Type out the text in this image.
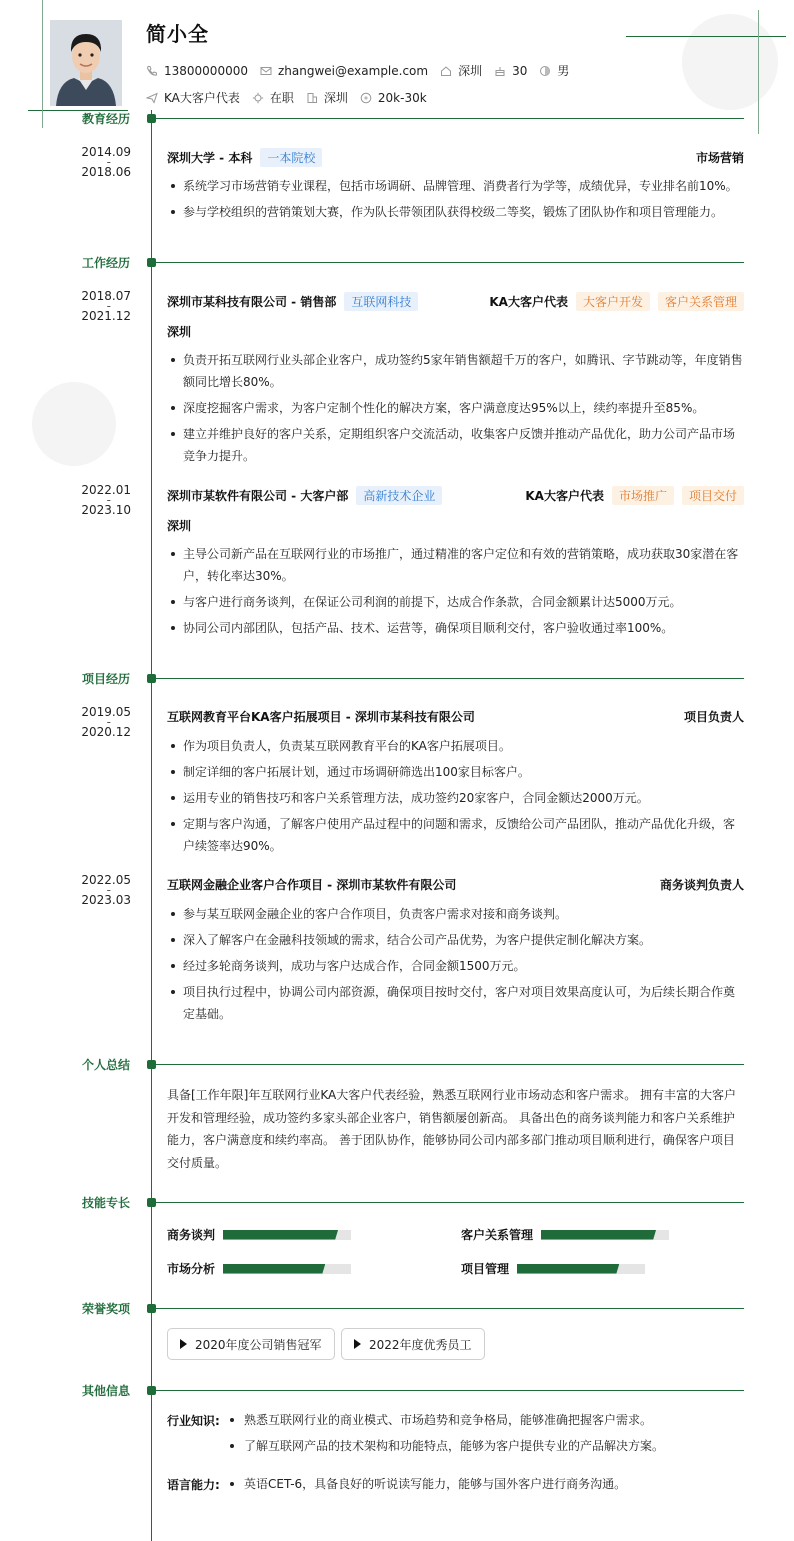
简小全
13800000000	zhangwei@example.com	深圳	30	男
KA大客户代表	在职	深圳	20k-30k
教育经历
2014.09
-
2018.06
深圳大学 - 本科	一本院校	市场营销
系统学习市场营销专业课程，包括市场调研、品牌管理、消费者行为学等，成绩优异，专业排名前10%。
参与学校组织的营销策划大赛，作为队长带领团队获得校级二等奖，锻炼了团队协作和项目管理能力。
工作经历
2018.07
-
2021.12
深圳市某科技有限公司 - 销售部	互联网科技	KA大客户代表	大客户开发	客户关系管理
深圳
负责开拓互联网行业头部企业客户，成功签约5家年销售额超千万的客户，如腾讯、字节跳动等，年度销售额同比增长80%。
深度挖掘客户需求，为客户定制个性化的解决方案，客户满意度达95%以上，续约率提升至85%。
建立并维护良好的客户关系，定期组织客户交流活动，收集客户反馈并推动产品优化，助力公司产品市场竞争力提升。
2022.01
-
2023.10
深圳市某软件有限公司 - 大客户部	高新技术企业	KA大客户代表	市场推广	项目交付
深圳
主导公司新产品在互联网行业的市场推广，通过精准的客户定位和有效的营销策略，成功获取30家潜在客户，转化率达30%。
与客户进行商务谈判，在保证公司利润的前提下，达成合作条款，合同金额累计达5000万元。
协同公司内部团队，包括产品、技术、运营等，确保项目顺利交付，客户验收通过率100%。
项目经历
2019.05
-
2020.12
互联网教育平台KA客户拓展项目 - 深圳市某科技有限公司	项目负责人
作为项目负责人，负责某互联网教育平台的KA客户拓展项目。
制定详细的客户拓展计划，通过市场调研筛选出100家目标客户。
运用专业的销售技巧和客户关系管理方法，成功签约20家客户，合同金额达2000万元。
定期与客户沟通，了解客户使用产品过程中的问题和需求，反馈给公司产品团队，推动产品优化升级，客户续签率达90%。
2022.05
-
2023.03
互联网金融企业客户合作项目 - 深圳市某软件有限公司	商务谈判负责人
参与某互联网金融企业的客户合作项目，负责客户需求对接和商务谈判。
深入了解客户在金融科技领域的需求，结合公司产品优势，为客户提供定制化解决方案。
经过多轮商务谈判，成功与客户达成合作，合同金额1500万元。
项目执行过程中，协调公司内部资源，确保项目按时交付，客户对项目效果高度认可，为后续长期合作奠定基础。
个人总结
具备[工作年限]年互联网行业KA大客户代表经验，熟悉互联网行业市场动态和客户需求。 拥有丰富的大客户开发和管理经验，成功签约多家头部企业客户，销售额屡创新高。 具备出色的商务谈判能力和客户关系维护能力，客户满意度和续约率高。 善于团队协作，能够协同公司内部多部门推动项目顺利进行，确保客户项目交付质量。
技能专长
商务谈判	客户关系管理
市场分析	项目管理
荣誉奖项
2020年度公司销售冠军	2022年度优秀员工
其他信息
行业知识:	熟悉互联网行业的商业模式、市场趋势和竞争格局，能够准确把握客户需求。
了解互联网产品的技术架构和功能特点，能够为客户提供专业的产品解决方案。
语言能力:	英语CET-6，具备良好的听说读写能力，能够与国外客户进行商务沟通。
